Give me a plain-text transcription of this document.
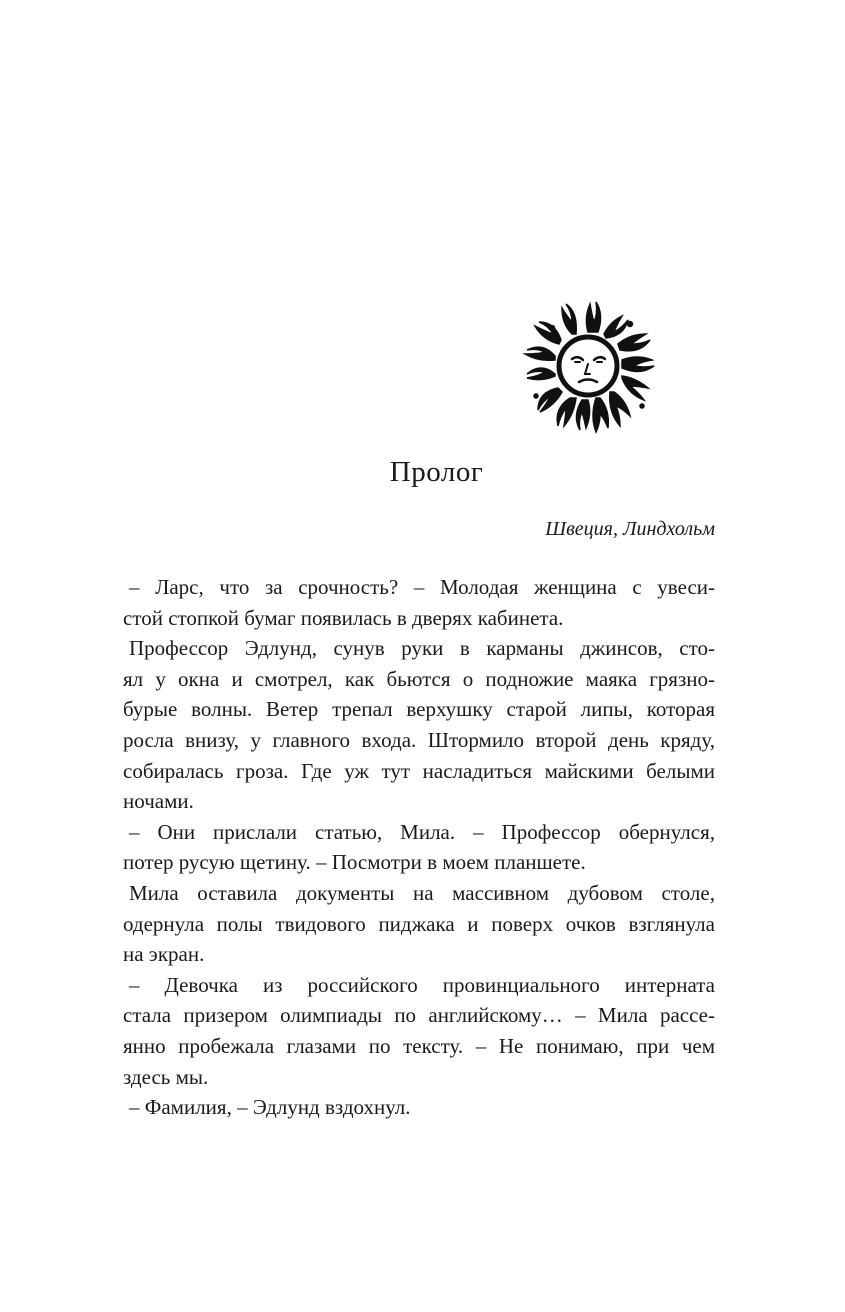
Пролог
Швеция, Линдхольм

– Ларс, что за срочность? – Молодая женщина с увеси-
стой стопкой бумаг появилась в дверях кабинета.

Профессор Эдлунд, сунув руки в карманы джинсов, сто-
ял у окна и смотрел, как бьются о подножие маяка грязно-
бурые волны. Ветер трепал верхушку старой липы, которая
росла внизу, у главного входа. Штормило второй день кряду,
собиралась гроза. Где уж тут насладиться майскими белыми
ночами.

– Они прислали статью, Мила. – Профессор обернулся,
потер русую щетину. – Посмотри в моем планшете.

Мила оставила документы на массивном дубовом столе,
одернула полы твидового пиджака и поверх очков взглянула
на экран.

– Девочка из российского провинциального интерната
стала призером олимпиады по английскому… – Мила рассе-
янно пробежала глазами по тексту. – Не понимаю, при чем
здесь мы.

– Фамилия, – Эдлунд вздохнул.
